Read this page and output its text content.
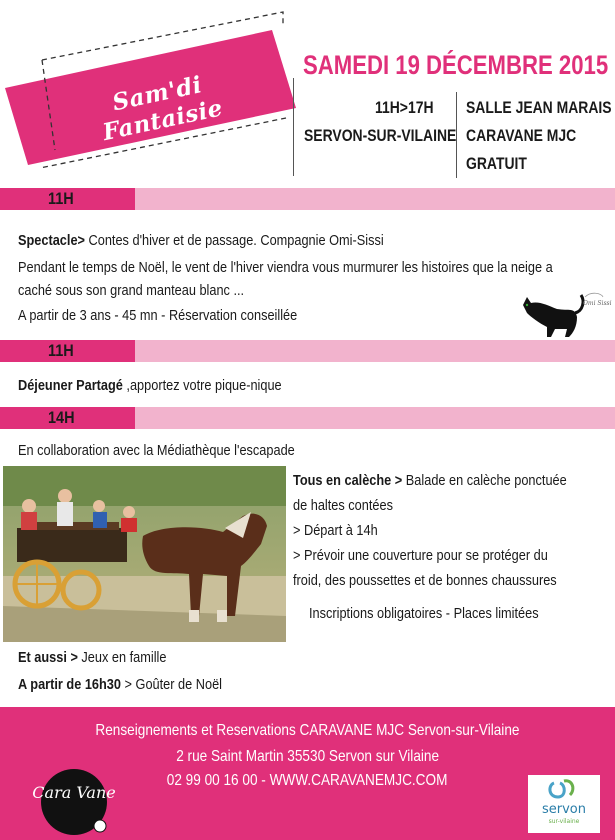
Sam'di Fantaisie
SAMEDI 19 DÉCEMBRE 2015
11H>17H
SERVON-SUR-VILAINE
SALLE JEAN MARAIS
CARAVANE MJC
GRATUIT
11H
Spectacle> Contes d'hiver et de passage. Compagnie Omi-Sissi
Pendant le temps de Noël, le vent de l'hiver viendra vous murmurer les histoires que la neige a
caché sous son grand manteau blanc ...
A partir de 3 ans - 45 mn - Réservation conseillée
Omi Sissi
11H
Déjeuner Partagé ,apportez votre pique-nique
14H
En collaboration avec la Médiathèque l'escapade
Tous en calèche > Balade en calèche ponctuée
de haltes contées
> Départ à 14h
> Prévoir une couverture pour se protéger du
froid, des poussettes et de bonnes chaussures
Inscriptions obligatoires - Places limitées
Et aussi > Jeux en famille
A partir de 16h30 > Goûter de Noël
Renseignements et Reservations CARAVANE MJC Servon-sur-Vilaine
2 rue Saint Martin 35530 Servon sur Vilaine
02 99 00 16 00 - WWW.CARAVANEMJC.COM
Cara Vane
servon
sur-vilaine
